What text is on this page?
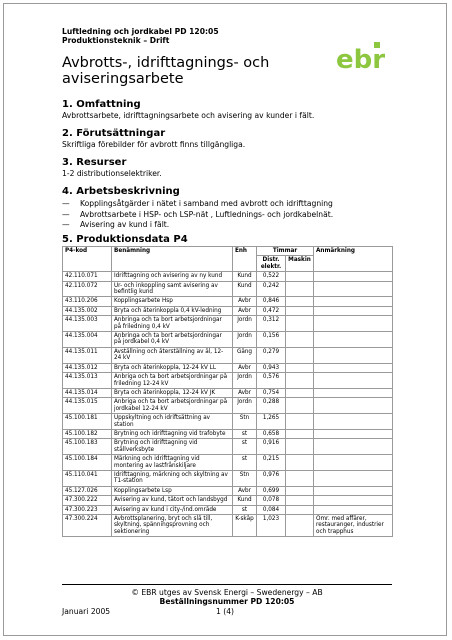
Luftledning och jordkabel PD 120:05
Produktionsteknik – Drift
ebr
Avbrotts-, idrifttagnings- och aviseringsarbete
1. Omfattning
Avbrottsarbete, idrifttagningsarbete och avisering av kunder i fält.
2. Förutsättningar
Skriftliga förebilder för avbrott finns tillgängliga.
3. Resurser
1-2 distributionselektriker.
4. Arbetsbeskrivning
— Kopplingsåtgärder i nätet i samband med avbrott och idrifttagning
— Avbrottsarbete i HSP- och LSP-nät , Luftlednings- och jordkabelnät.
— Avisering av kund i fält.
5. Produktionsdata P4
P4-kod	Benämning	Enh	Timmar		Anmärkning
			Distr. elektr.	Maskin	
42.110.071	Idrifttagning och avisering av ny kund	Kund	0,522		
42.110.072	Ur- och inkoppling samt avisering av befintlig kund	Kund	0,242		
43.110.206	Kopplingsarbete Hsp	Avbr	0,846		
44.135.002	Bryta och återinkoppla 0,4 kV-ledning	Avbr	0,472		
44.135.003	Anbringa och ta bort arbetsjordningar på friledning 0,4 kV	Jordn	0,312		
44.135.004	Anbringa och ta bort arbetsjordningar på jordkabel 0,4 kV	Jordn	0,156		
44.135.011	Avställning och återställning av äl, 12-24 kV	Gång	0,279		
44.135.012	Bryta och återinkoppla, 12-24 kV LL	Avbr	0,943		
44.135.013	Anbriga och ta bort arbetsjordningar på friledning 12-24 kV	Jordn	0,576		
44.135.014	Bryta och återinkoppla, 12-24 kV JK	Avbr	0,754		
44.135.015	Anbriga och ta bort arbetsjordningar på jordkabel 12-24 kV	Jordn	0,288		
45.100.181	Uppskyltning och idriftsättning av station	Stn	1,265		
45.100.182	Brytning och idrifttagning vid trafobyte	st	0,658		
45.100.183	Brytning och idrifttagning vid ställverksbyte	st	0,916		
45.100.184	Märkning och idrifttagning vid montering av lastfrånskiljare	st	0,215		
45.110.041	Idrifttagning, märkning och skyltning av T1-station	Stn	0,976		
45.127.026	Kopplingsarbete Lsp	Avbr	0,699		
47.300.222	Avisering av kund, tätort och landsbygd	Kund	0,078		
47.300.223	Avisering av kund i city-/ind.område	st	0,084		
47.300.224	Avbrottsplanering, bryt och slå till, skyltning, spänningsprovning och sektionering	K-skåp	1,023		Omr. med affärer, restauranger, industrier och trapphus
© EBR utges av Svensk Energi – Swedenergy – AB
Beställningsnummer PD 120:05
Januari 2005	1 (4)
